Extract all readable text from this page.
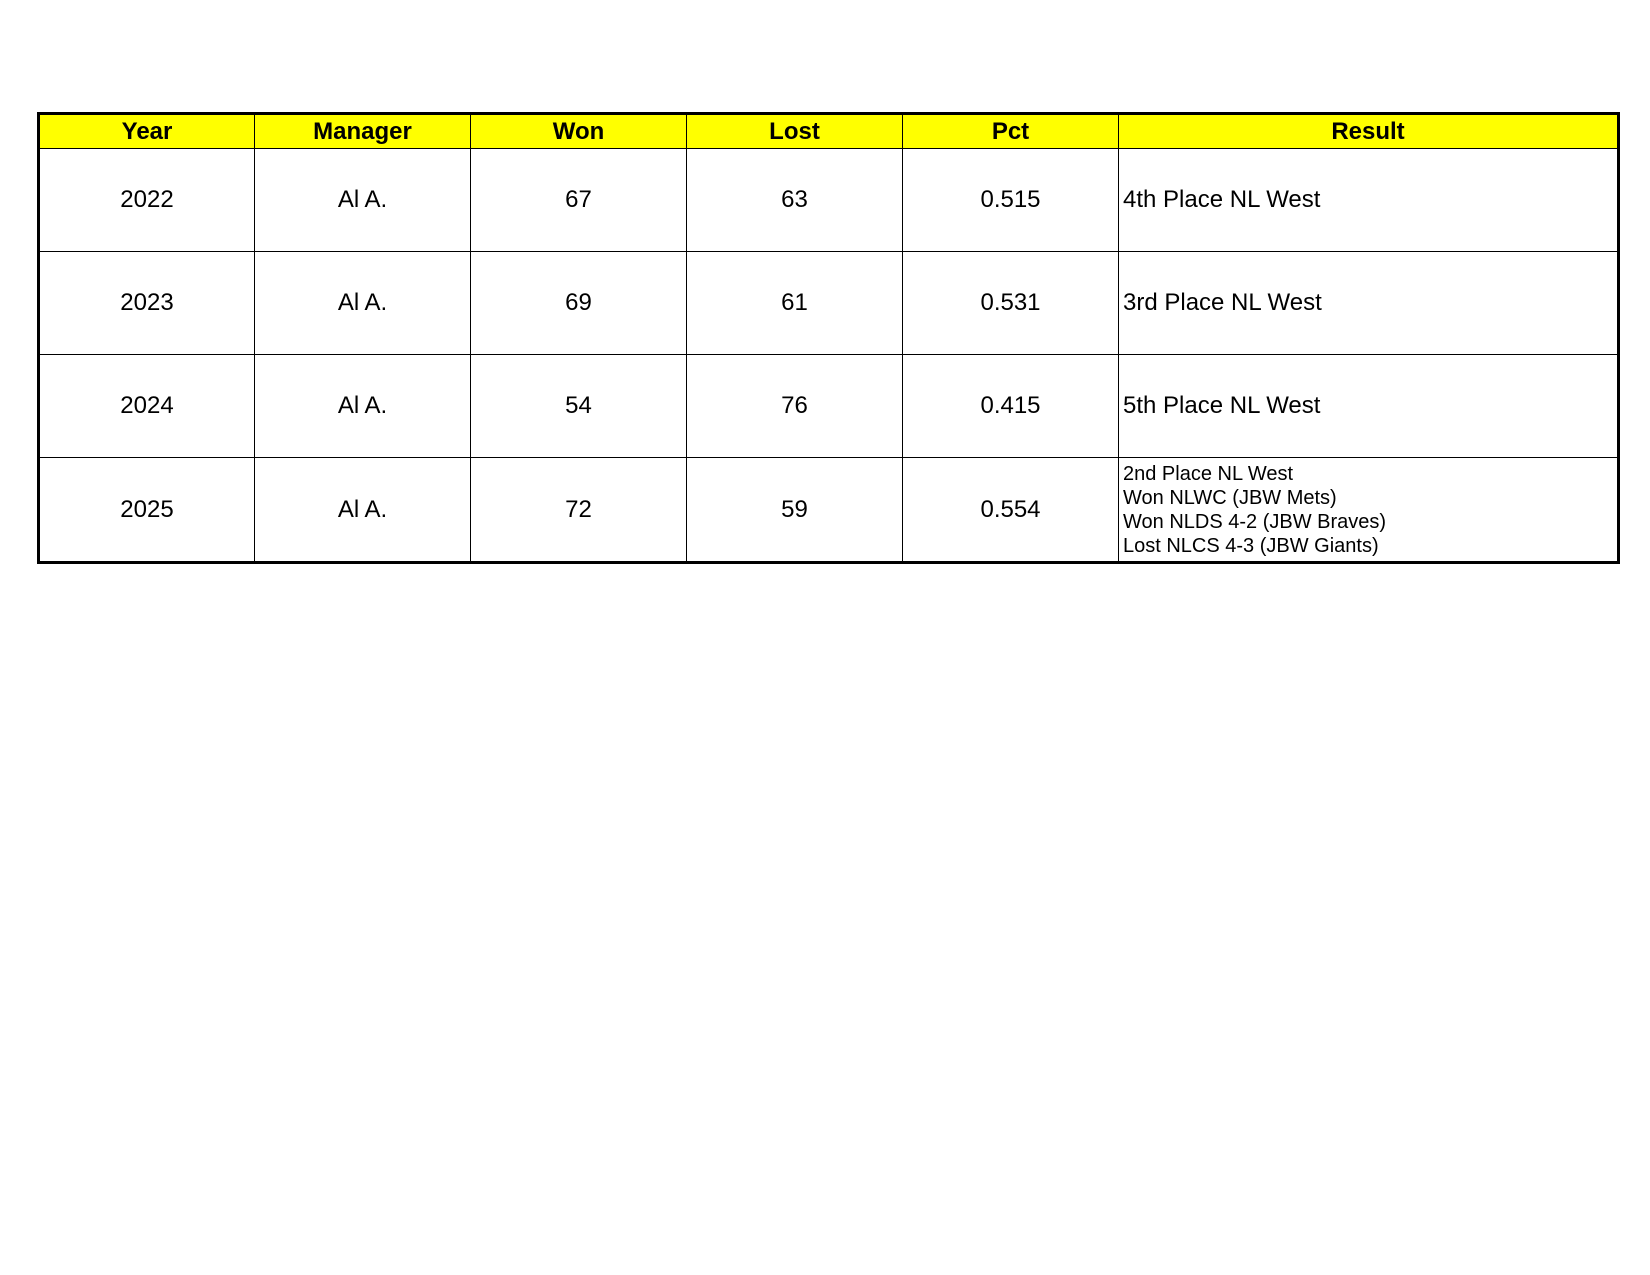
Year	Manager	Won	Lost	Pct	Result
2022	Al A.	67	63	0.515	4th Place NL West
2023	Al A.	69	61	0.531	3rd Place NL West
2024	Al A.	54	76	0.415	5th Place NL West
2025	Al A.	72	59	0.554	2nd Place NL West
Won NLWC (JBW Mets)
Won NLDS 4-2 (JBW Braves)
Lost NLCS 4-3 (JBW Giants)
